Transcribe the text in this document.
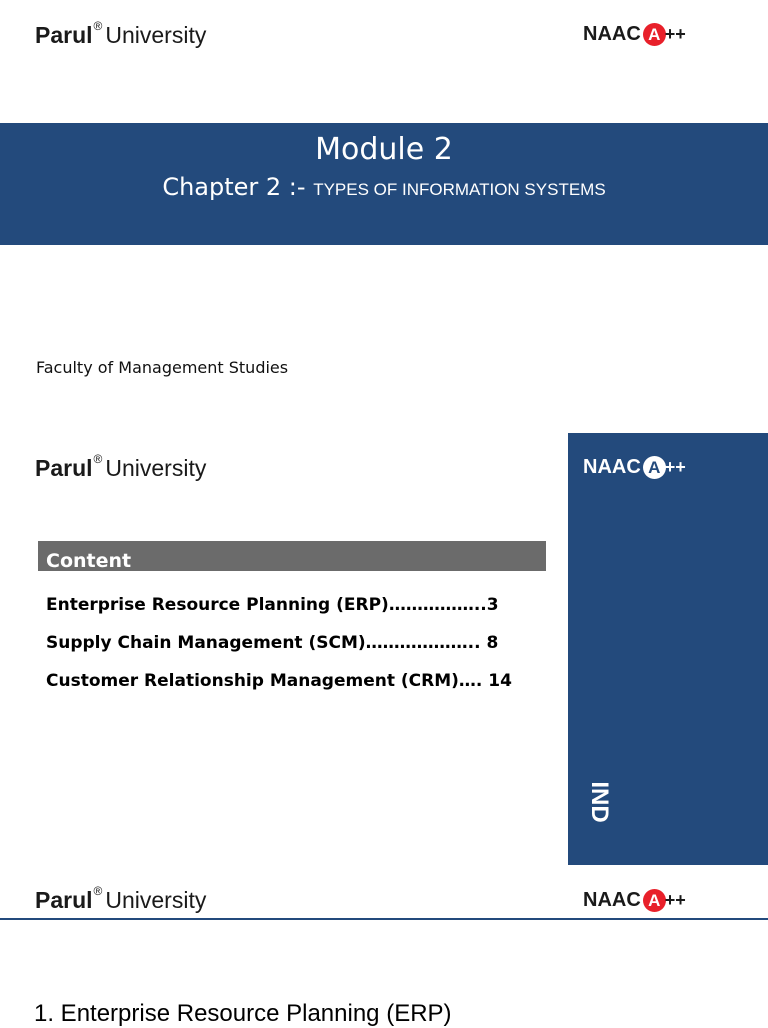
Parul® University	NAAC A ++
Module 2
Chapter 2 :- TYPES OF INFORMATION SYSTEMS
Faculty of Management Studies
Parul® University	NAAC A ++
IND
Content
Enterprise Resource Planning (ERP)……………..3
Supply Chain Management (SCM)……………….. 8
Customer Relationship Management (CRM)…. 14
Parul® University	NAAC A ++
1. Enterprise Resource Planning (ERP)
